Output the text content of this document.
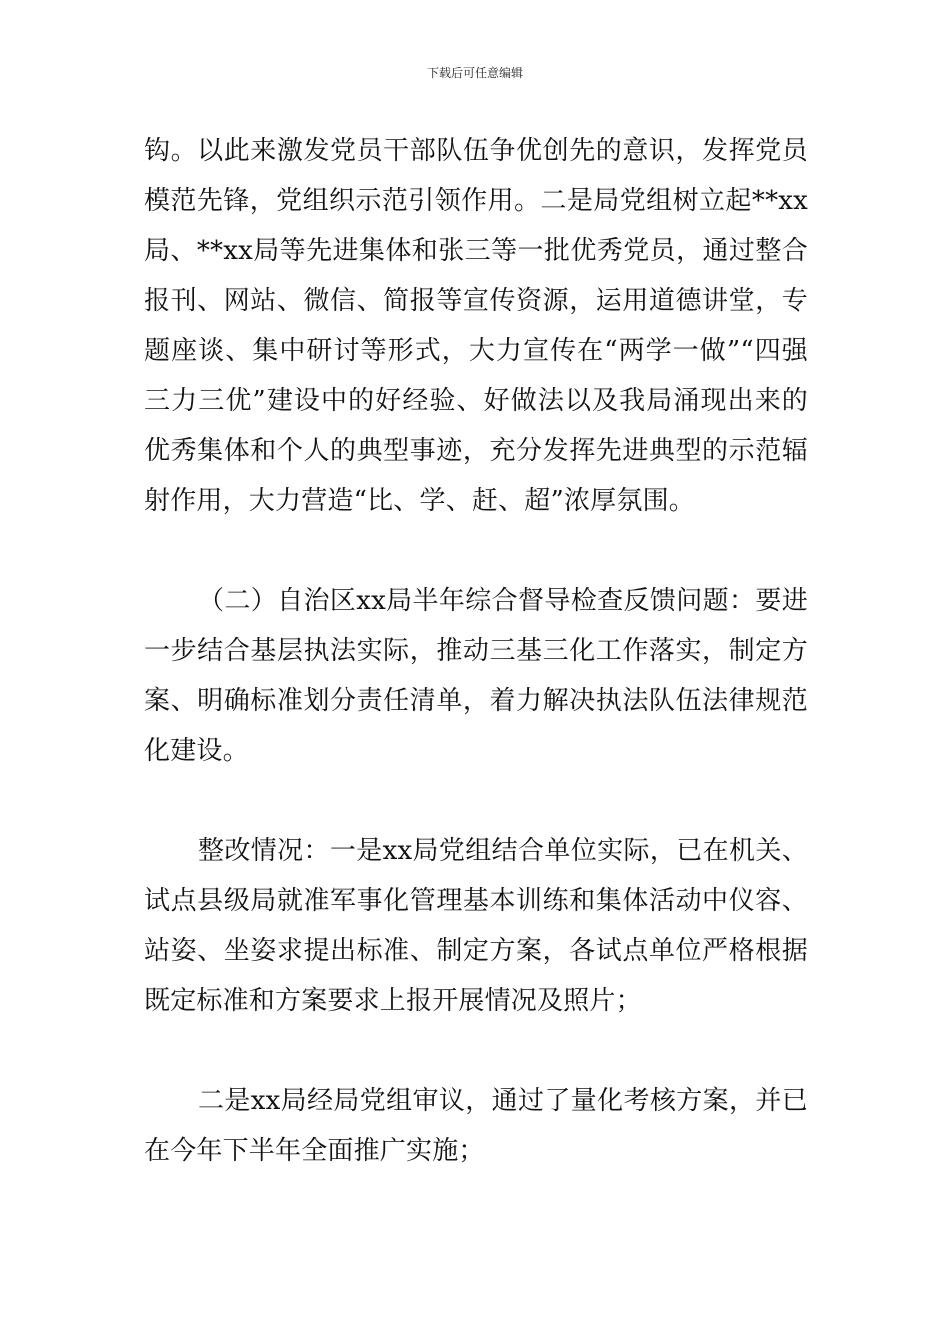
下载后可任意编辑

钩。以此来激发党员干部队伍争优创先的意识，发挥党员模范先锋，党组织示范引领作用。二是局党组树立起**xx局、**xx局等先进集体和张三等一批优秀党员，通过整合报刊、网站、微信、简报等宣传资源，运用道德讲堂，专题座谈、集中研讨等形式，大力宣传在“两学一做”“四强三力三优”建设中的好经验、好做法以及我局涌现出来的优秀集体和个人的典型事迹，充分发挥先进典型的示范辐射作用，大力营造“比、学、赶、超”浓厚氛围。

（二）自治区xx局半年综合督导检查反馈问题：要进一步结合基层执法实际，推动三基三化工作落实，制定方案、明确标准划分责任清单，着力解决执法队伍法律规范化建设。

整改情况：一是xx局党组结合单位实际，已在机关、试点县级局就准军事化管理基本训练和集体活动中仪容、站姿、坐姿求提出标准、制定方案，各试点单位严格根据既定标准和方案要求上报开展情况及照片；

二是xx局经局党组审议，通过了量化考核方案，并已在今年下半年全面推广实施；
